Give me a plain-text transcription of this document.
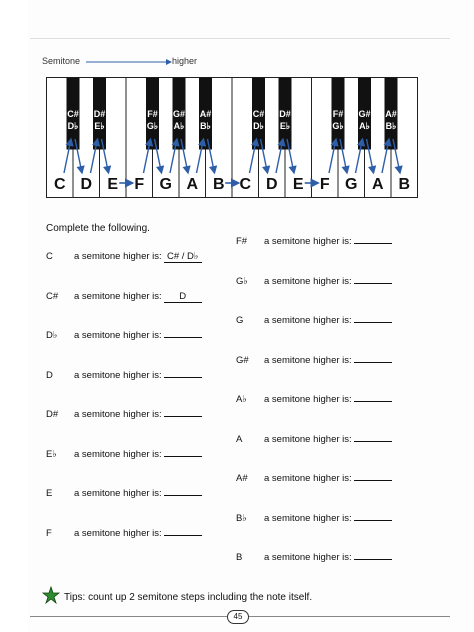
Semitone	higher
C#
D♭
D#
E♭
F#
G♭
G#
A♭
A#
B♭
C#
D♭
D#
E♭
F#
G♭
G#
A♭
A#
B♭
C D E F G A B C D E F G A B
Complete the following.
C a semitone higher is: C# / D♭
C# a semitone higher is: D
D♭ a semitone higher is:
D a semitone higher is:
D# a semitone higher is:
E♭ a semitone higher is:
E a semitone higher is:
F a semitone higher is:
F# a semitone higher is:
G♭ a semitone higher is:
G a semitone higher is:
G# a semitone higher is:
A♭ a semitone higher is:
A a semitone higher is:
A# a semitone higher is:
B♭ a semitone higher is:
B a semitone higher is:
Tips: count up 2 semitone steps including the note itself.
45
